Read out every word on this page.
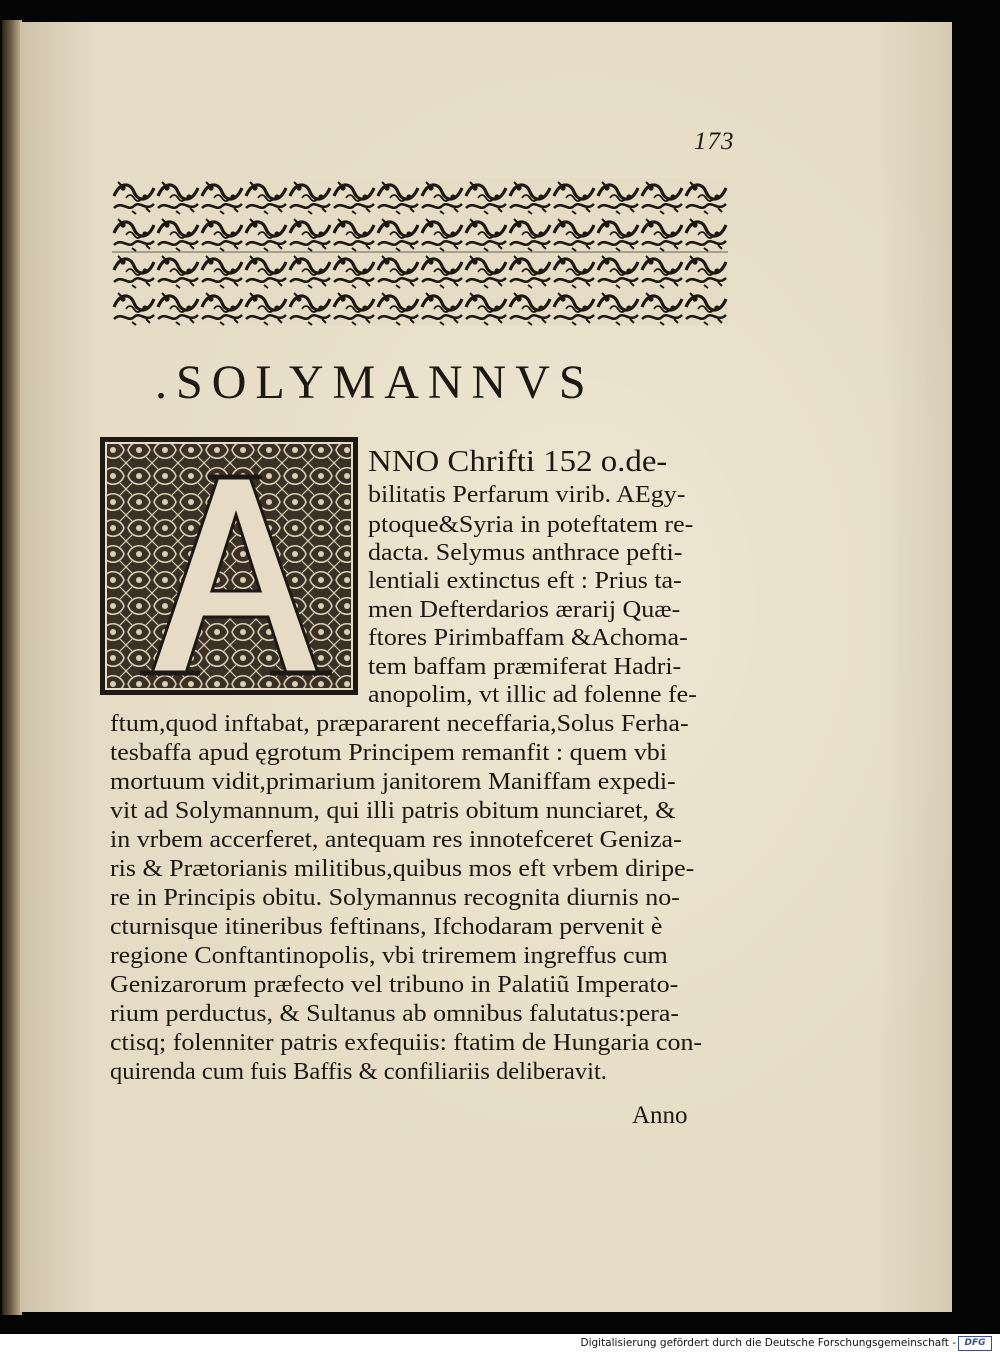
173
.SOLYMANNVS
A
NNO Chrifti 152 o.de-
bilitatis Perfarum virib. AEgy-
ptoque&Syria in poteftatem re-
dacta. Selymus anthrace pefti-
lentiali extinctus eft : Prius ta-
men Defterdarios ærarij Quæ-
ftores Pirimbaffam &Achoma-
tem baffam præmiferat Hadri-
anopolim, vt illic ad folenne fe-
ftum,quod inftabat, præpararent neceffaria,Solus Ferha-
tesbaffa apud ęgrotum Principem remanfit : quem vbi
mortuum vidit,primarium janitorem Maniffam expedi-
vit ad Solymannum, qui illi patris obitum nunciaret, &
in vrbem accerferet, antequam res innotefceret Geniza-
ris & Prætorianis militibus,quibus mos eft vrbem diripe-
re in Principis obitu. Solymannus recognita diurnis no-
cturnisque itineribus feftinans, Ifchodaram pervenit è
regione Conftantinopolis, vbi triremem ingreffus cum
Genizarorum præfecto vel tribuno in Palatiũ Imperato-
rium perductus, & Sultanus ab omnibus falutatus:pera-
ctisq; folenniter patris exfequiis: ftatim de Hungaria con-
quirenda cum fuis Baffis & confiliariis deliberavit.
Anno
Digitalisierung gefördert durch die Deutsche Forschungsgemeinschaft - DFG
